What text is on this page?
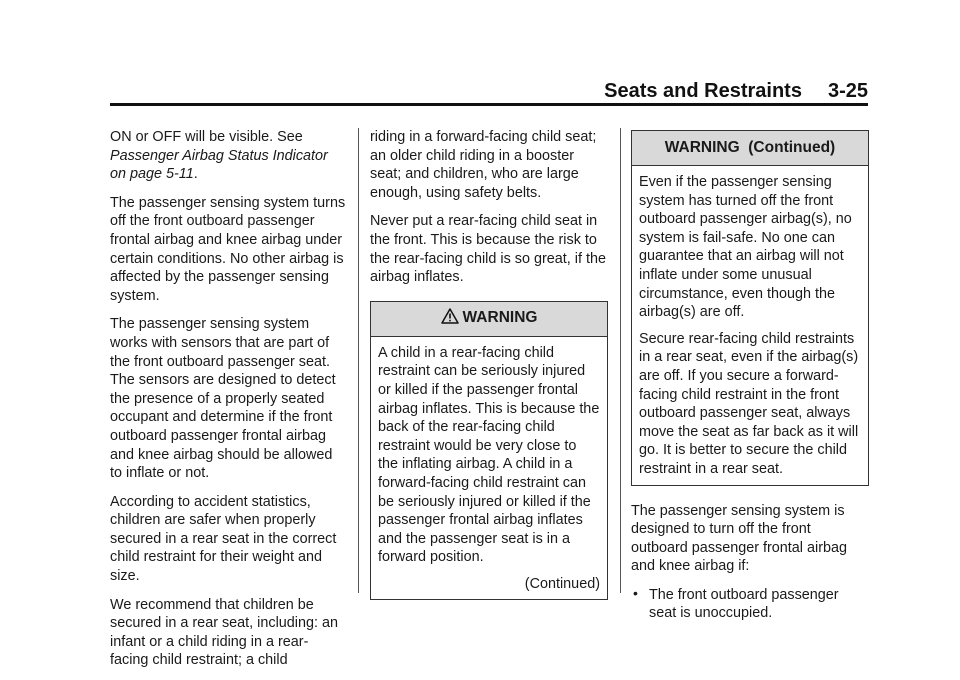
Seats and Restraints 3-25

ON or OFF will be visible. See
Passenger Airbag Status Indicator on page 5-11.

The passenger sensing system turns off the front outboard passenger frontal airbag and knee airbag under certain conditions. No other airbag is affected by the passenger sensing system.

The passenger sensing system works with sensors that are part of the front outboard passenger seat. The sensors are designed to detect the presence of a properly seated occupant and determine if the front outboard passenger frontal airbag and knee airbag should be allowed to inflate or not.

According to accident statistics, children are safer when properly secured in a rear seat in the correct child restraint for their weight and size.

We recommend that children be secured in a rear seat, including: an infant or a child riding in a rear-facing child restraint; a child

riding in a forward-facing child seat; an older child riding in a booster seat; and children, who are large enough, using safety belts.

Never put a rear-facing child seat in the front. This is because the risk to the rear-facing child is so great, if the airbag inflates.

WARNING

A child in a rear-facing child restraint can be seriously injured or killed if the passenger frontal airbag inflates. This is because the back of the rear-facing child restraint would be very close to the inflating airbag. A child in a forward-facing child restraint can be seriously injured or killed if the passenger frontal airbag inflates and the passenger seat is in a forward position.

(Continued)

WARNING  (Continued)

Even if the passenger sensing system has turned off the front outboard passenger airbag(s), no system is fail-safe. No one can guarantee that an airbag will not inflate under some unusual circumstance, even though the airbag(s) are off.

Secure rear-facing child restraints in a rear seat, even if the airbag(s) are off. If you secure a forward-facing child restraint in the front outboard passenger seat, always move the seat as far back as it will go. It is better to secure the child restraint in a rear seat.

The passenger sensing system is designed to turn off the front outboard passenger frontal airbag and knee airbag if:

• The front outboard passenger seat is unoccupied.
